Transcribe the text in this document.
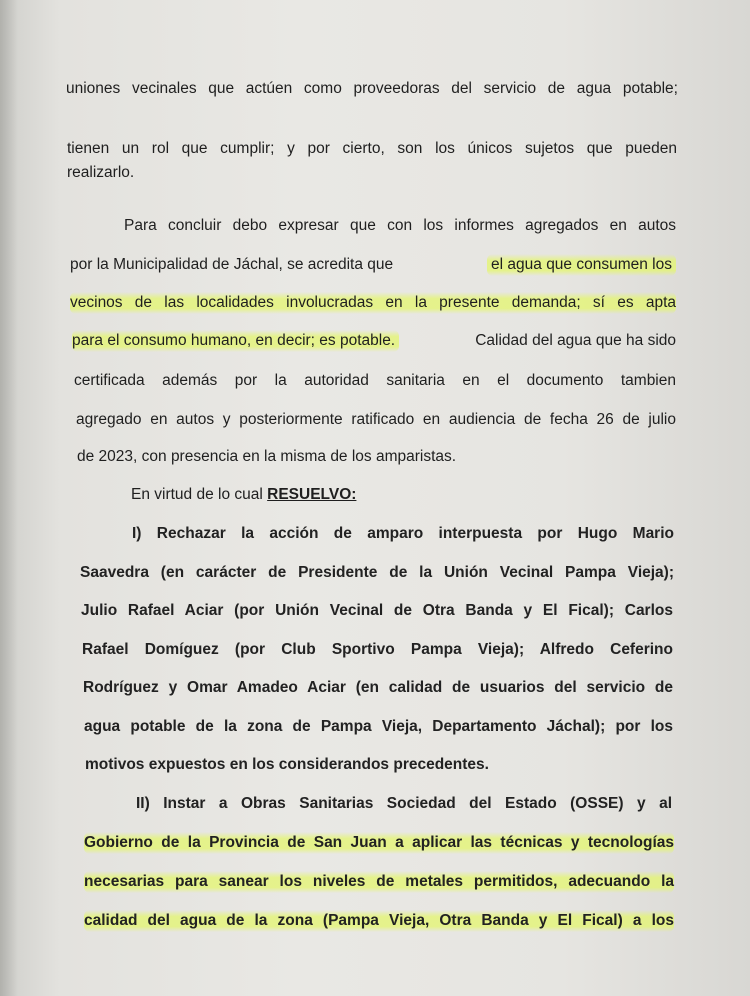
uniones vecinales que actúen como proveedoras del servicio de agua potable;
tienen un rol que cumplir; y por cierto, son los únicos sujetos que pueden
realizarlo.
Para concluir debo expresar que con los informes agregados en autos
por la Municipalidad de Jáchal, se acredita que	el agua que consumen los
vecinos de las localidades involucradas en la presente demanda; sí es apta
para el consumo humano, en decir; es potable.	Calidad del agua que ha sido
certificada además por la autoridad sanitaria en el documento tambien
agregado en autos y posteriormente ratificado en audiencia de fecha 26 de julio
de 2023, con presencia en la misma de los amparistas.
En virtud de lo cual RESUELVO:
I) Rechazar la acción de amparo interpuesta por Hugo Mario
Saavedra (en carácter de Presidente de la Unión Vecinal Pampa Vieja);
Julio Rafael Aciar (por Unión Vecinal de Otra Banda y El Fical); Carlos
Rafael Domíguez (por Club Sportivo Pampa Vieja); Alfredo Ceferino
Rodríguez y Omar Amadeo Aciar (en calidad de usuarios del servicio de
agua potable de la zona de Pampa Vieja, Departamento Jáchal); por los
motivos expuestos en los considerandos precedentes.
II) Instar a Obras Sanitarias Sociedad del Estado (OSSE) y al
Gobierno de la Provincia de San Juan a aplicar las técnicas y tecnologías
necesarias para sanear los niveles de metales permitidos, adecuando la
calidad del agua de la zona (Pampa Vieja, Otra Banda y El Fical) a los
